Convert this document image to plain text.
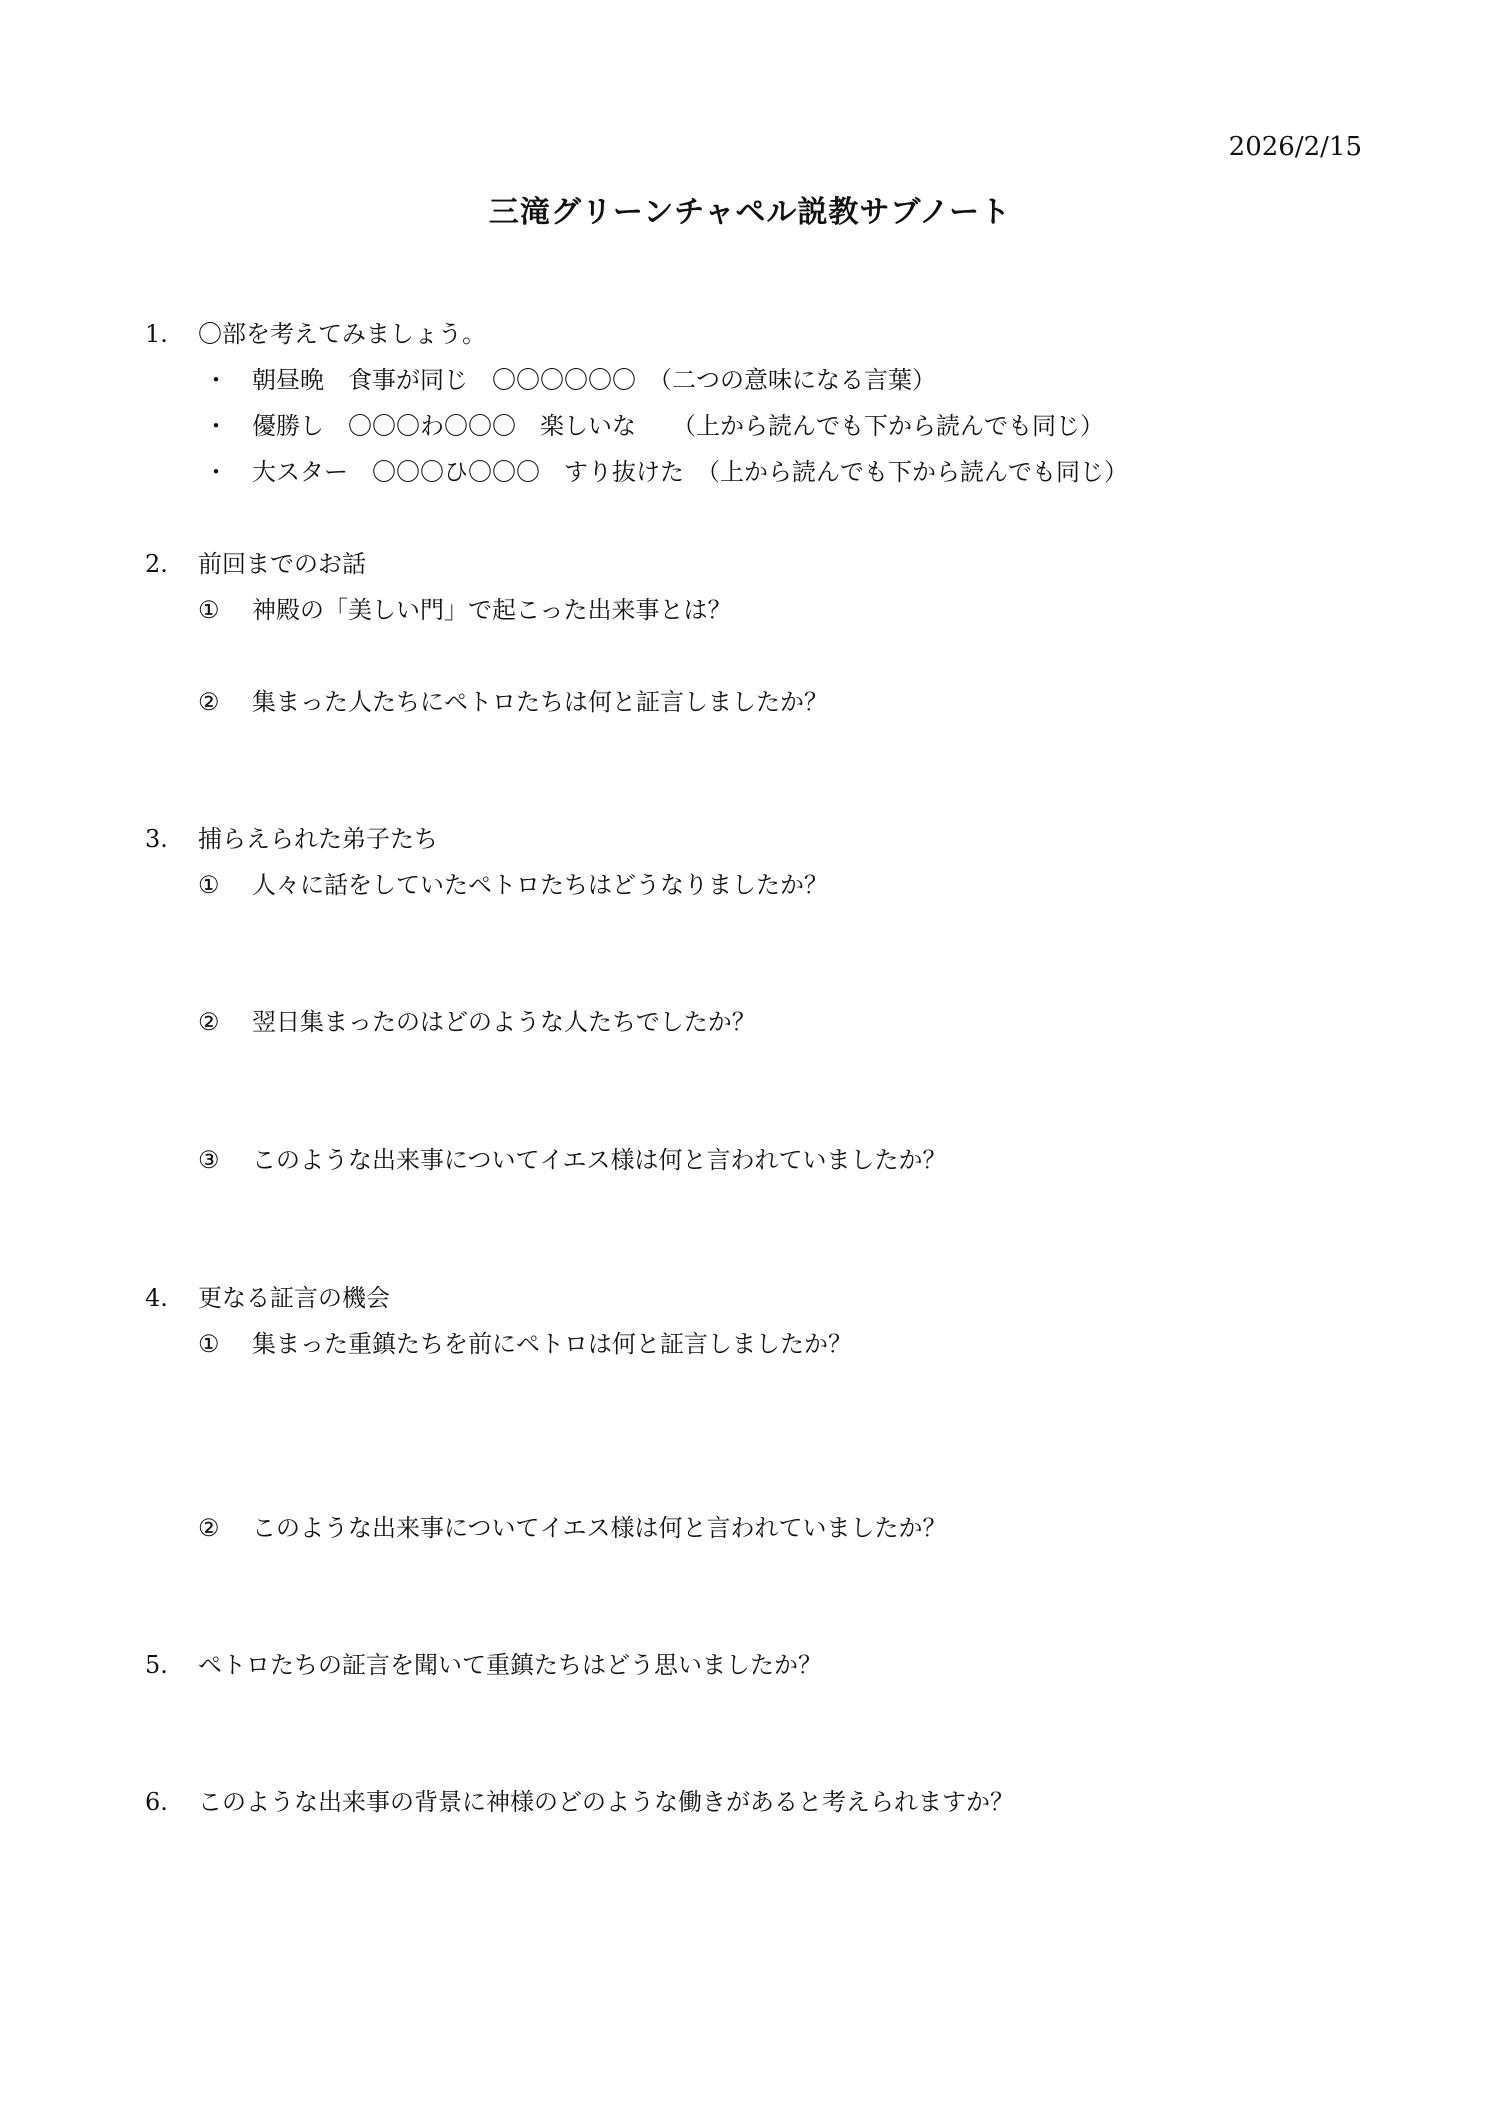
2026/2/15
三滝グリーンチャペル説教サブノート
1. 〇部を考えてみましょう。
・ 朝昼晩　食事が同じ　〇〇〇〇〇〇　（二つの意味になる言葉）
・ 優勝し　〇〇〇わ〇〇〇　楽しいな　　（上から読んでも下から読んでも同じ）
・ 大スター　〇〇〇ひ〇〇〇　すり抜けた　（上から読んでも下から読んでも同じ）
2. 前回までのお話
① 神殿の「美しい門」で起こった出来事とは？
② 集まった人たちにペトロたちは何と証言しましたか？
3. 捕らえられた弟子たち
① 人々に話をしていたペトロたちはどうなりましたか？
② 翌日集まったのはどのような人たちでしたか？
③ このような出来事についてイエス様は何と言われていましたか？
4. 更なる証言の機会
① 集まった重鎮たちを前にペトロは何と証言しましたか？
② このような出来事についてイエス様は何と言われていましたか？
5. ペトロたちの証言を聞いて重鎮たちはどう思いましたか？
6. このような出来事の背景に神様のどのような働きがあると考えられますか？
